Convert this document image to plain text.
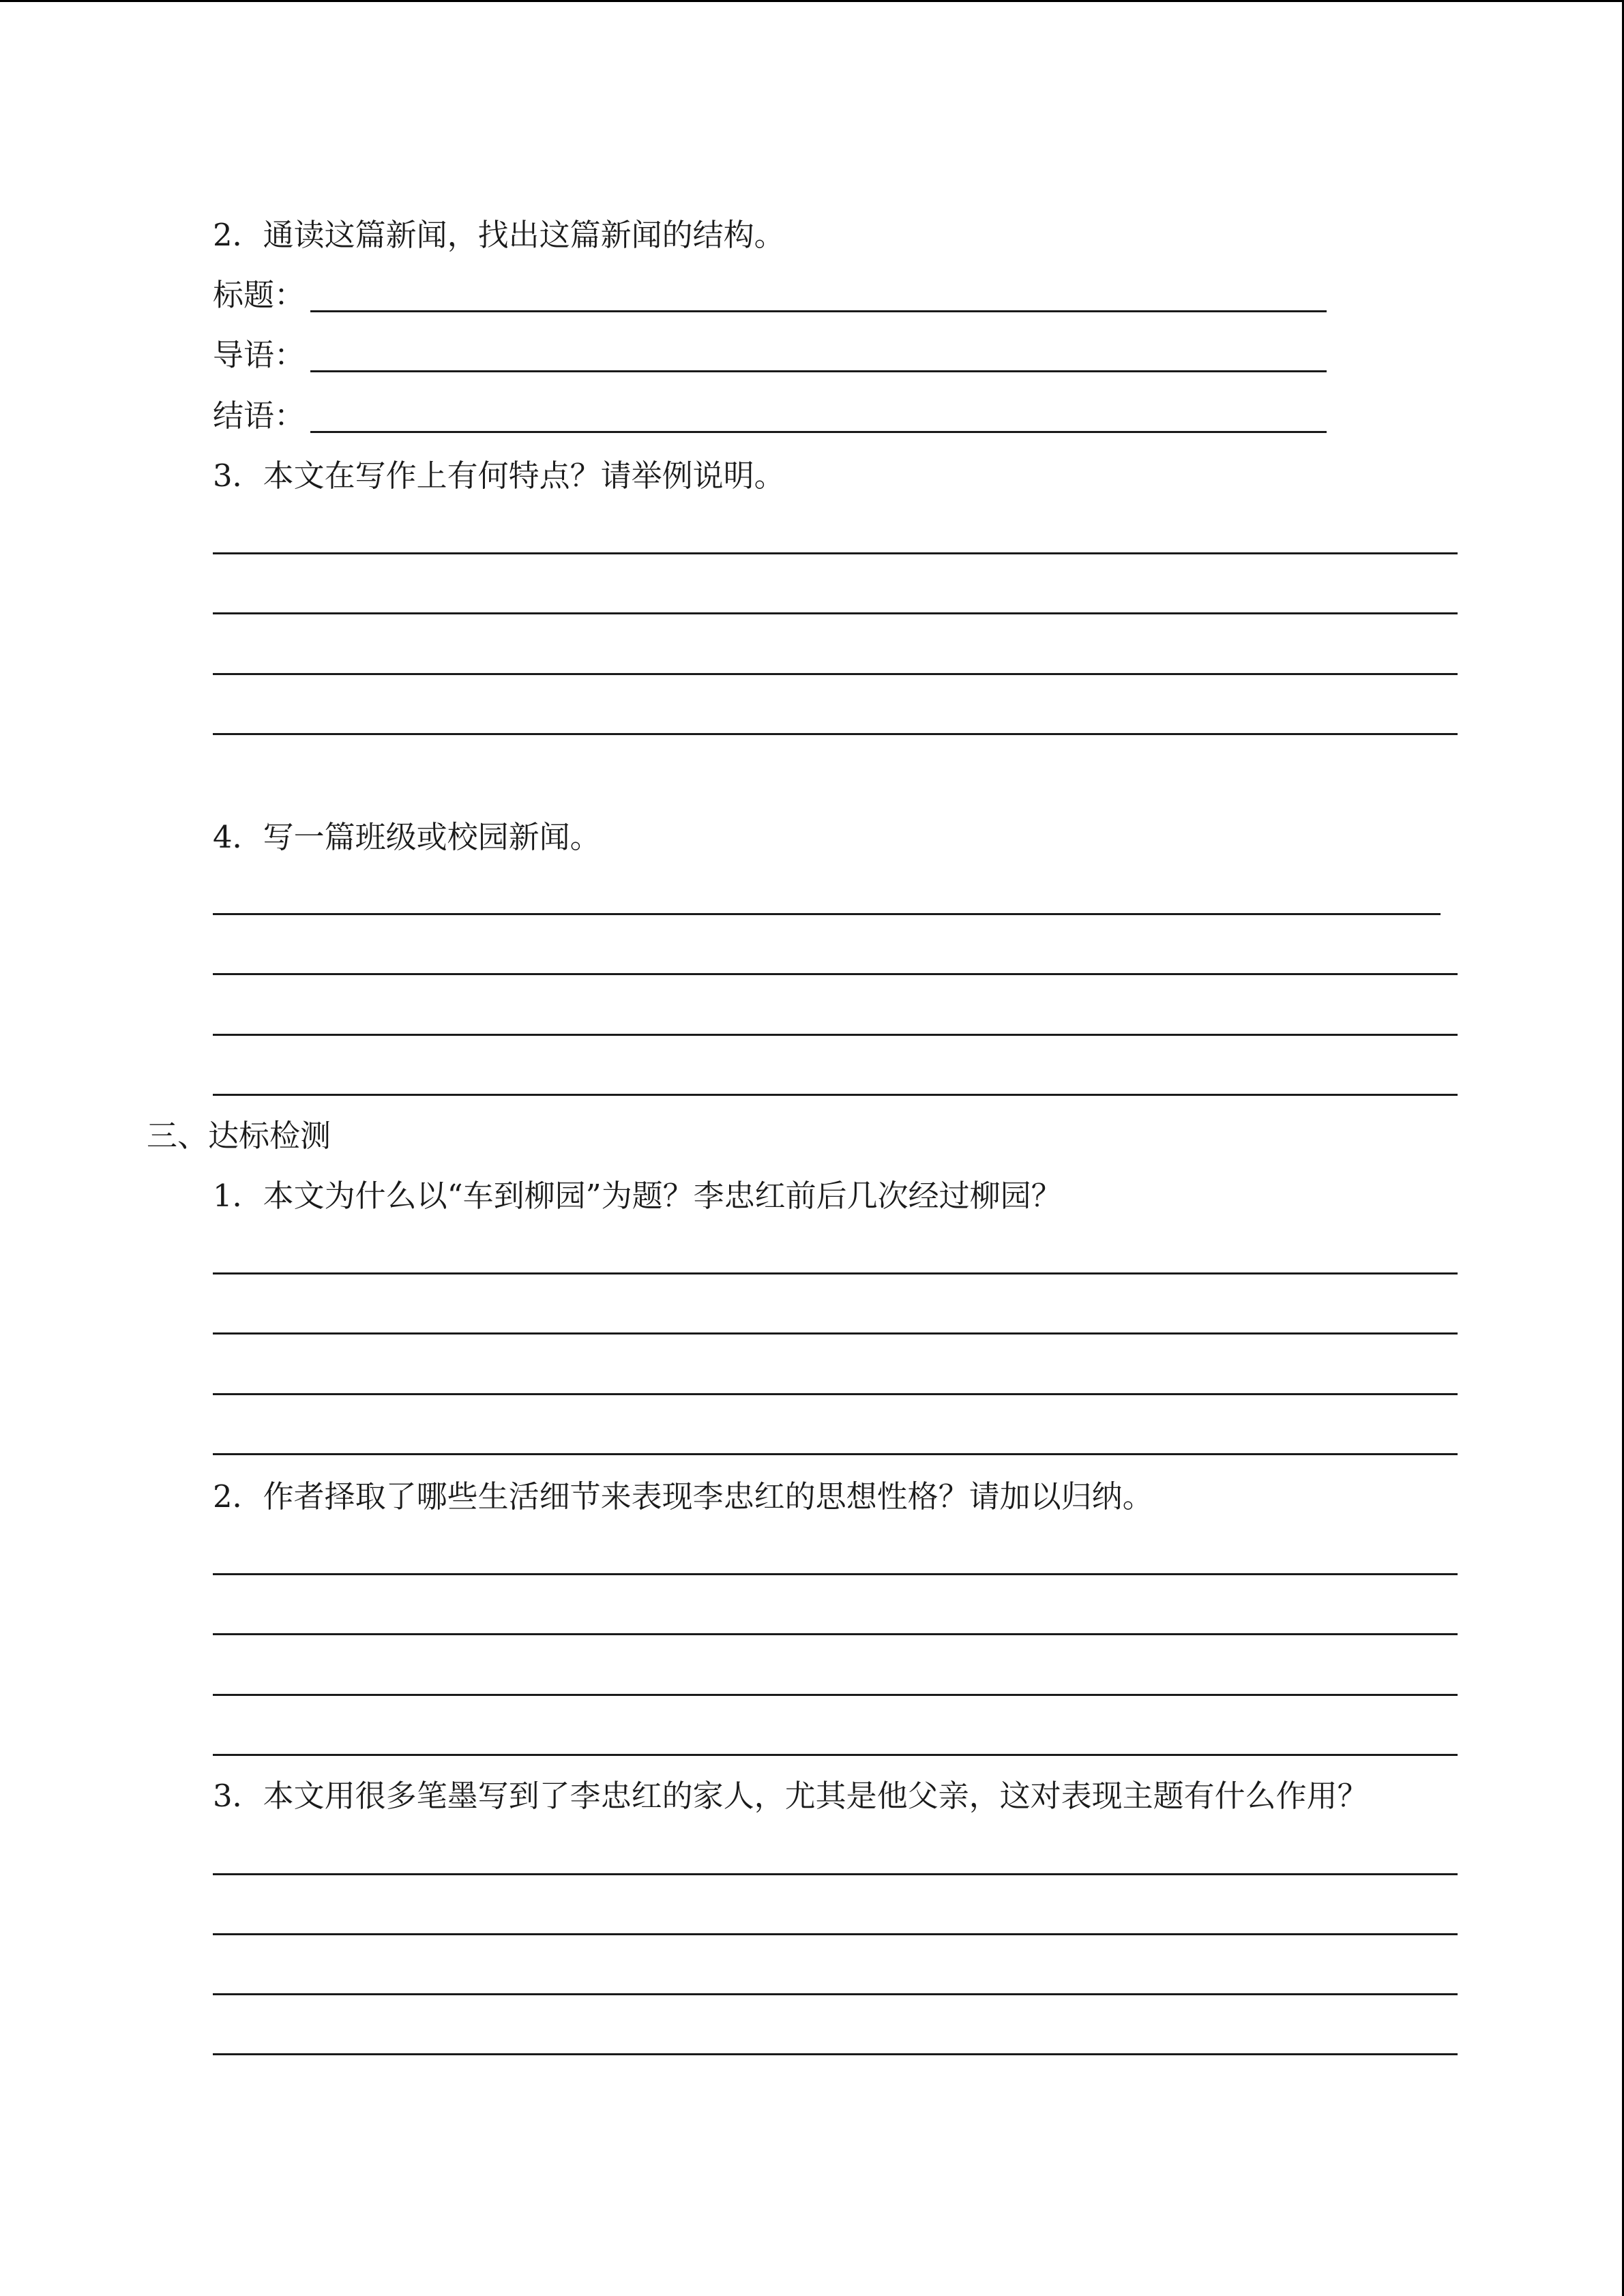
2．通读这篇新闻，找出这篇新闻的结构。
标题：
导语：
结语：
3．本文在写作上有何特点？请举例说明。
4．写一篇班级或校园新闻。
三、达标检测
1．本文为什么以“车到柳园”为题？李忠红前后几次经过柳园？
2．作者择取了哪些生活细节来表现李忠红的思想性格？请加以归纳。
3．本文用很多笔墨写到了李忠红的家人，尤其是他父亲，这对表现主题有什么作用？
